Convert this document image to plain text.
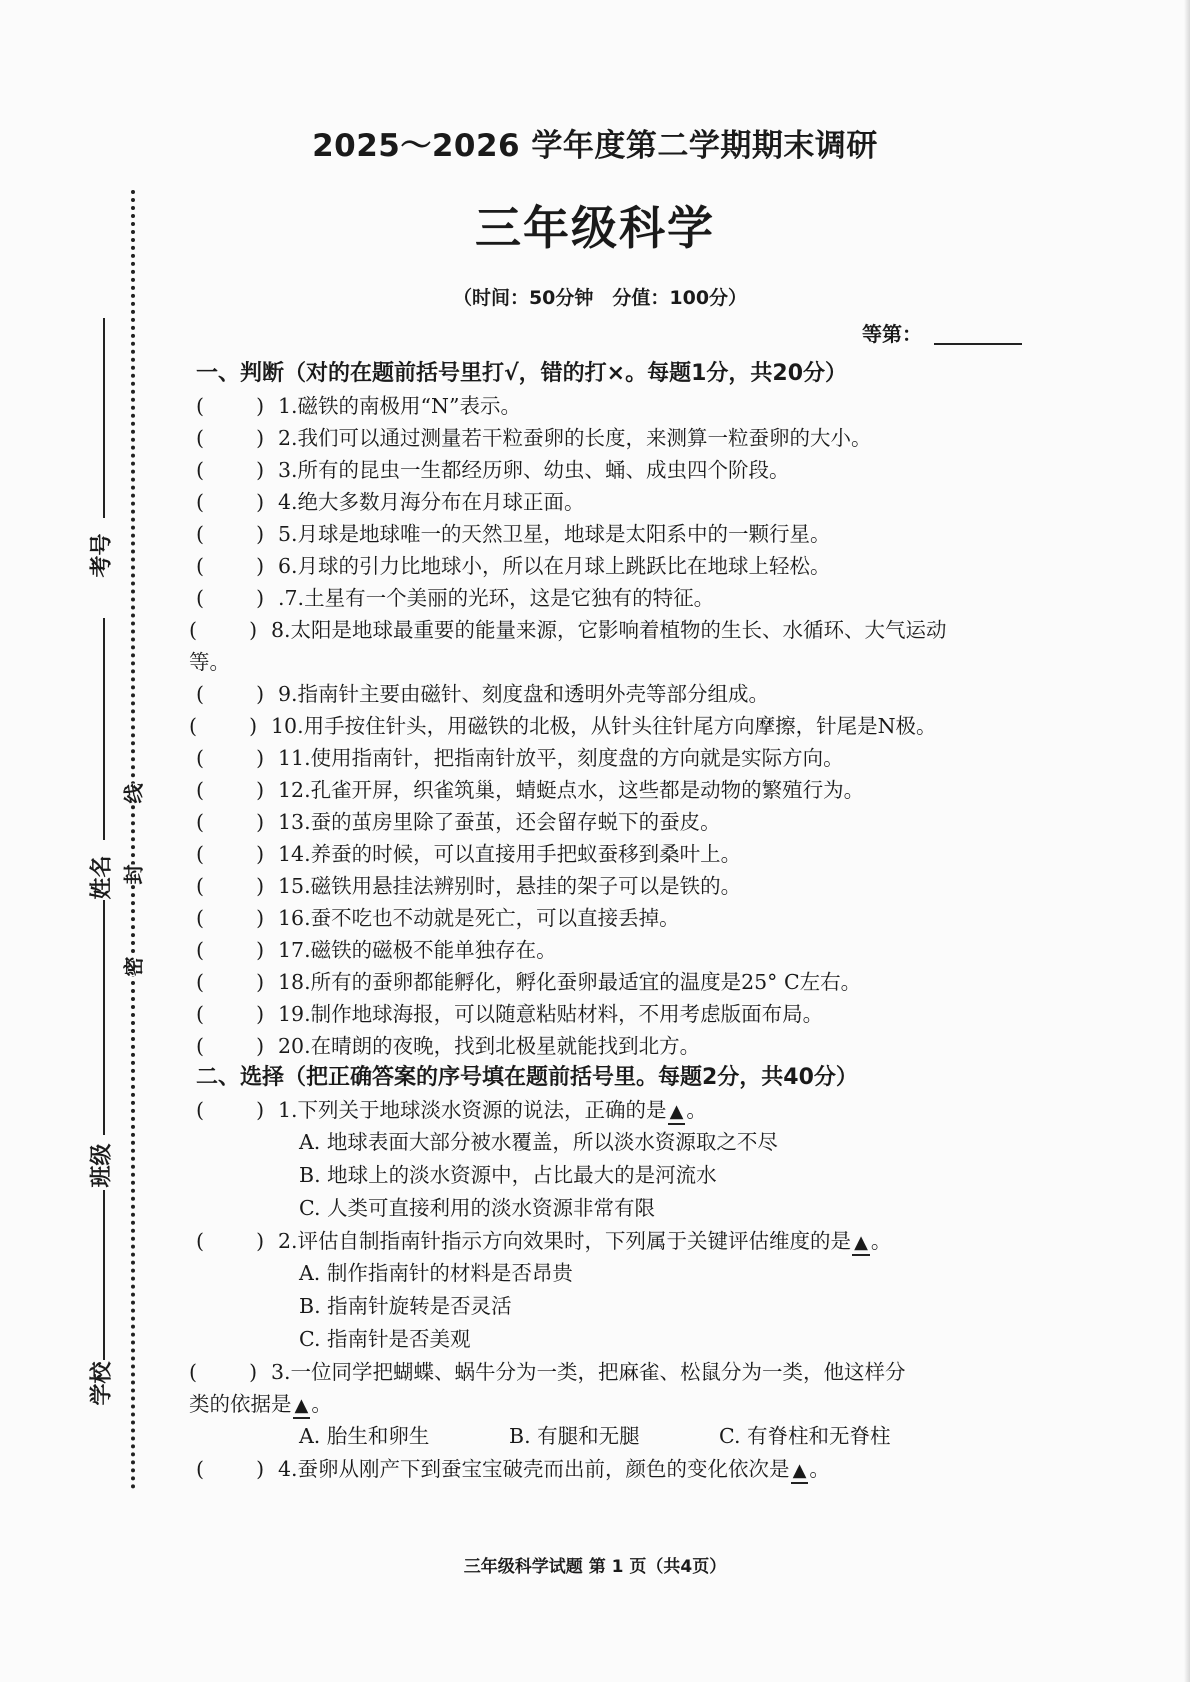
考号
姓名
班级
学校
线
封
密
2025～2026 学年度第二学期期末调研
三年级科学
（时间：50分钟　分值：100分）
等第：
一、判断（对的在题前括号里打√，错的打×。每题1分，共20分）
(        ) 1.磁铁的南极用“N”表示。
(        ) 2.我们可以通过测量若干粒蚕卵的长度，来测算一粒蚕卵的大小。
(        ) 3.所有的昆虫一生都经历卵、幼虫、蛹、成虫四个阶段。
(        ) 4.绝大多数月海分布在月球正面。
(        ) 5.月球是地球唯一的天然卫星，地球是太阳系中的一颗行星。
(        ) 6.月球的引力比地球小，所以在月球上跳跃比在地球上轻松。
(        ) .7.土星有一个美丽的光环，这是它独有的特征。
(        ) 8.太阳是地球最重要的能量来源，它影响着植物的生长、水循环、大气运动等。
(        ) 9.指南针主要由磁针、刻度盘和透明外壳等部分组成。
(        ) 10.用手按住针头，用磁铁的北极，从针头往针尾方向摩擦，针尾是N极。
(        ) 11.使用指南针，把指南针放平，刻度盘的方向就是实际方向。
(        ) 12.孔雀开屏，织雀筑巢，蜻蜓点水，这些都是动物的繁殖行为。
(        ) 13.蚕的茧房里除了蚕茧，还会留存蜕下的蚕皮。
(        ) 14.养蚕的时候，可以直接用手把蚁蚕移到桑叶上。
(        ) 15.磁铁用悬挂法辨别时，悬挂的架子可以是铁的。
(        ) 16.蚕不吃也不动就是死亡，可以直接丢掉。
(        ) 17.磁铁的磁极不能单独存在。
(        ) 18.所有的蚕卵都能孵化，孵化蚕卵最适宜的温度是25° C左右。
(        ) 19.制作地球海报，可以随意粘贴材料，不用考虑版面布局。
(        ) 20.在晴朗的夜晚，找到北极星就能找到北方。
二、选择（把正确答案的序号填在题前括号里。每题2分，共40分）
(        ) 1.下列关于地球淡水资源的说法，正确的是 ▲ 。
A. 地球表面大部分被水覆盖，所以淡水资源取之不尽
B. 地球上的淡水资源中，占比最大的是河流水
C. 人类可直接利用的淡水资源非常有限
(        ) 2.评估自制指南针指示方向效果时，下列属于关键评估维度的是 ▲ 。
A. 制作指南针的材料是否昂贵
B. 指南针旋转是否灵活
C. 指南针是否美观
(        ) 3.一位同学把蝴蝶、蜗牛分为一类，把麻雀、松鼠分为一类，他这样分
类的依据是 ▲ 。
A. 胎生和卵生	B. 有腿和无腿	C. 有脊柱和无脊柱
(        ) 4.蚕卵从刚产下到蚕宝宝破壳而出前，颜色的变化依次是 ▲ 。
三年级科学试题 第 1 页（共4页）
